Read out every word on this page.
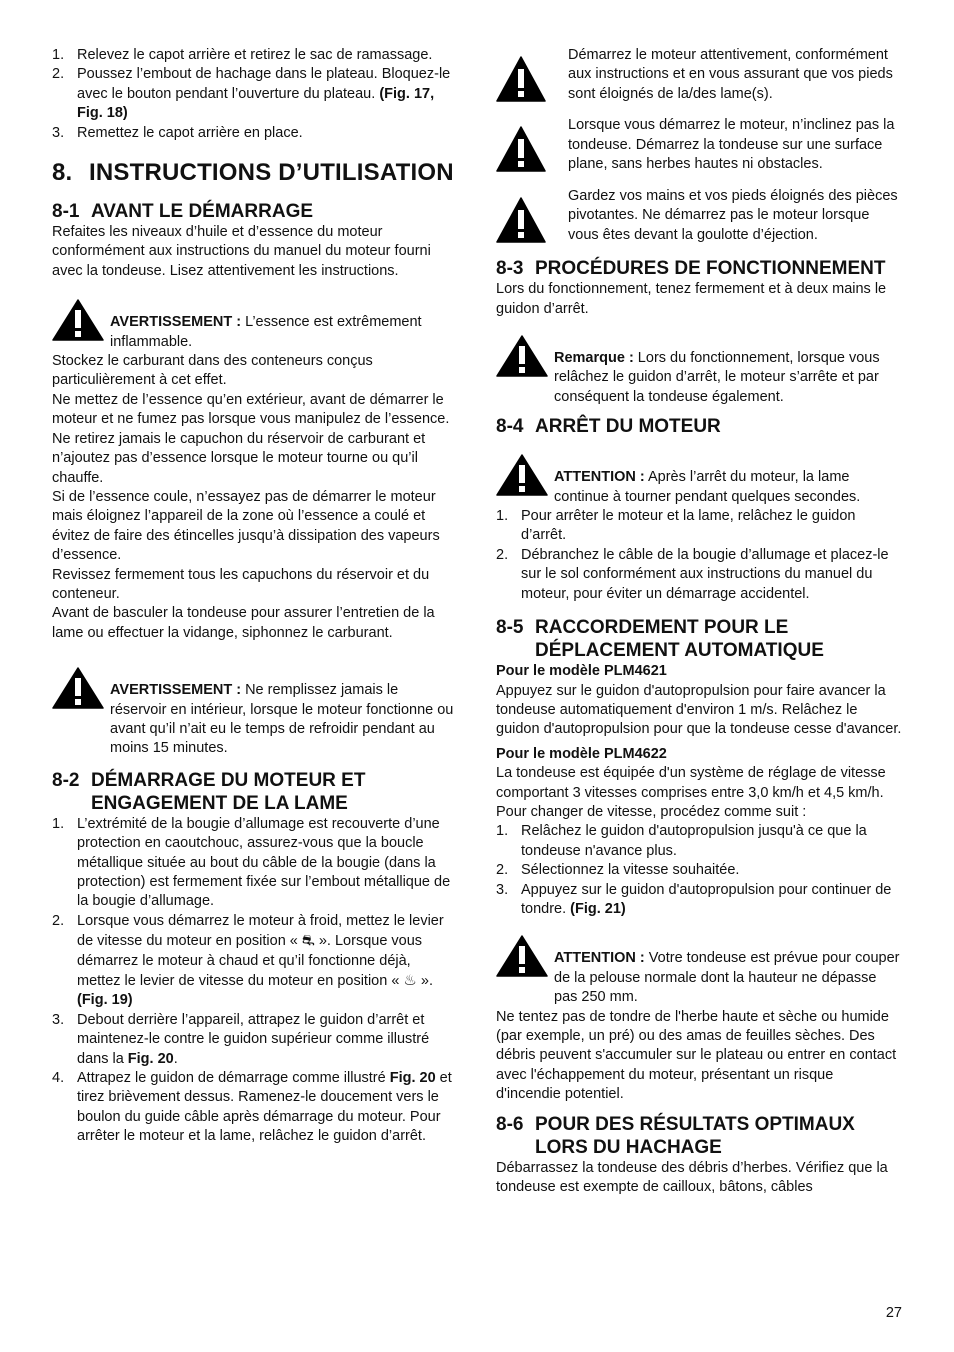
1. Relevez le capot arrière et retirez le sac de ramassage.
2. Poussez l’embout de hachage dans le plateau. Bloquez-le avec le bouton pendant l’ouverture du plateau. (Fig. 17, Fig. 18)
3. Remettez le capot arrière en place.
8. INSTRUCTIONS D’UTILISATION
8-1 AVANT LE DÉMARRAGE

Refaites les niveaux d’huile et d’essence du moteur conformément aux instructions du manuel du moteur fourni avec la tondeuse. Lisez attentivement les instructions.

AVERTISSEMENT : L’essence est extrêmement inflammable.

Stockez le carburant dans des conteneurs conçus particulièrement à cet effet.

Ne mettez de l’essence qu’en extérieur, avant de démarrer le moteur et ne fumez pas lorsque vous manipulez de l’essence.

Ne retirez jamais le capuchon du réservoir de carburant et n’ajoutez pas d’essence lorsque le moteur tourne ou qu’il chauffe.

Si de l’essence coule, n’essayez pas de démarrer le moteur mais éloignez l’appareil de la zone où l’essence a coulé et évitez de faire des étincelles jusqu’à dissipation des vapeurs d’essence.

Revissez fermement tous les capuchons du réservoir et du conteneur.

Avant de basculer la tondeuse pour assurer l’entretien de la lame ou effectuer la vidange, siphonnez le carburant.

AVERTISSEMENT : Ne remplissez jamais le réservoir en intérieur, lorsque le moteur fonctionne ou avant qu’il n’ait eu le temps de refroidir pendant au moins 15 minutes.

8-2 DÉMARRAGE DU MOTEUR ET ENGAGEMENT DE LA LAME
1. L’extrémité de la bougie d’allumage est recouverte d’une protection en caoutchouc, assurez-vous que la boucle métallique située au bout du câble de la bougie (dans la protection) est fermement fixée sur l’embout métallique de la bougie d’allumage.
2. Lorsque vous démarrez le moteur à froid, mettez le levier de vitesse du moteur en position « ⛐ ». Lorsque vous démarrez le moteur à chaud et qu’il fonctionne déjà, mettez le levier de vitesse du moteur en position « ♨ ». (Fig. 19)
3. Debout derrière l’appareil, attrapez le guidon d’arrêt et maintenez-le contre le guidon supérieur comme illustré dans la Fig. 20.
4. Attrapez le guidon de démarrage comme illustré Fig. 20 et tirez brièvement dessus. Ramenez-le doucement vers le boulon du guide câble après démarrage du moteur. Pour arrêter le moteur et la lame, relâchez le guidon d’arrêt.

Démarrez le moteur attentivement, conformément aux instructions et en vous assurant que vos pieds sont éloignés de la/des lame(s).

Lorsque vous démarrez le moteur, n’inclinez pas la tondeuse. Démarrez la tondeuse sur une surface plane, sans herbes hautes ni obstacles.

Gardez vos mains et vos pieds éloignés des pièces pivotantes. Ne démarrez pas le moteur lorsque vous êtes devant la goulotte d’éjection.

8-3 PROCÉDURES DE FONCTIONNEMENT

Lors du fonctionnement, tenez fermement et à deux mains le guidon d’arrêt.

Remarque : Lors du fonctionnement, lorsque vous relâchez le guidon d’arrêt, le moteur s’arrête et par conséquent la tondeuse également.

8-4 ARRÊT DU MOTEUR

ATTENTION : Après l’arrêt du moteur, la lame continue à tourner pendant quelques secondes.

1. Pour arrêter le moteur et la lame, relâchez le guidon d’arrêt.
2. Débranchez le câble de la bougie d’allumage et placez-le sur le sol conformément aux instructions du manuel du moteur, pour éviter un démarrage accidentel.
8-5 RACCORDEMENT POUR LE DÉPLACEMENT AUTOMATIQUE

Pour le modèle PLM4621

Appuyez sur le guidon d'autopropulsion pour faire avancer la tondeuse automatiquement d'environ 1 m/s. Relâchez le guidon d'autopropulsion pour que la tondeuse cesse d'avancer.

Pour le modèle PLM4622

La tondeuse est équipée d'un système de réglage de vitesse comportant 3 vitesses comprises entre 3,0 km/h et 4,5 km/h.

Pour changer de vitesse, procédez comme suit :

1. Relâchez le guidon d'autopropulsion jusqu'à ce que la tondeuse n'avance plus.
2. Sélectionnez la vitesse souhaitée.
3. Appuyez sur le guidon d'autopropulsion pour continuer de tondre. (Fig. 21)

ATTENTION : Votre tondeuse est prévue pour couper de la pelouse normale dont la hauteur ne dépasse pas 250 mm.

Ne tentez pas de tondre de l'herbe haute et sèche ou humide (par exemple, un pré) ou des amas de feuilles sèches. Des débris peuvent s'accumuler sur le plateau ou entrer en contact avec l'échappement du moteur, présentant un risque d'incendie potentiel.

8-6 POUR DES RÉSULTATS OPTIMAUX LORS DU HACHAGE

Débarrassez la tondeuse des débris d’herbes. Vérifiez que la tondeuse est exempte de cailloux, bâtons, câbles

27
